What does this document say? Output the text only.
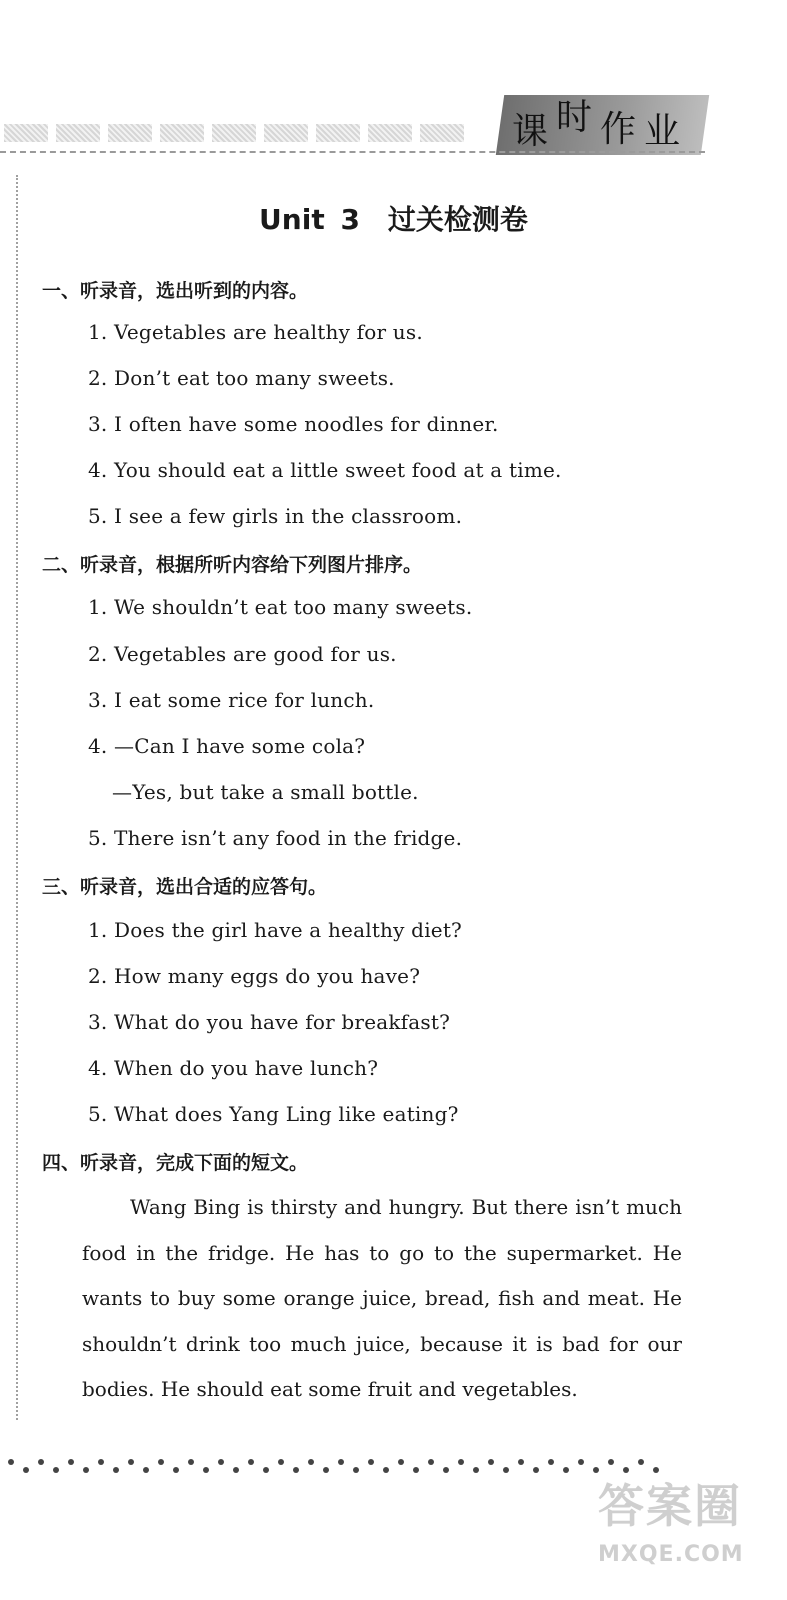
课 时 作 业
Unit 3　过关检测卷
一、听录音，选出听到的内容。
1. Vegetables are healthy for us.
2. Don’t eat too many sweets.
3. I often have some noodles for dinner.
4. You should eat a little sweet food at a time.
5. I see a few girls in the classroom.
二、听录音，根据所听内容给下列图片排序。
1. We shouldn’t eat too many sweets.
2. Vegetables are good for us.
3. I eat some rice for lunch.
4. —Can I have some cola?
—Yes, but take a small bottle.
5. There isn’t any food in the fridge.
三、听录音，选出合适的应答句。
1. Does the girl have a healthy diet?
2. How many eggs do you have?
3. What do you have for breakfast?
4. When do you have lunch?
5. What does Yang Ling like eating?
四、听录音，完成下面的短文。

Wang Bing is thirsty and hungry. But there isn’t much food in the fridge. He has to go to the supermarket. He wants to buy some orange juice, bread, fish and meat. He shouldn’t drink too much juice, because it is bad for our bodies. He should eat some fruit and vegetables.

答案圈
MXQE.COM
